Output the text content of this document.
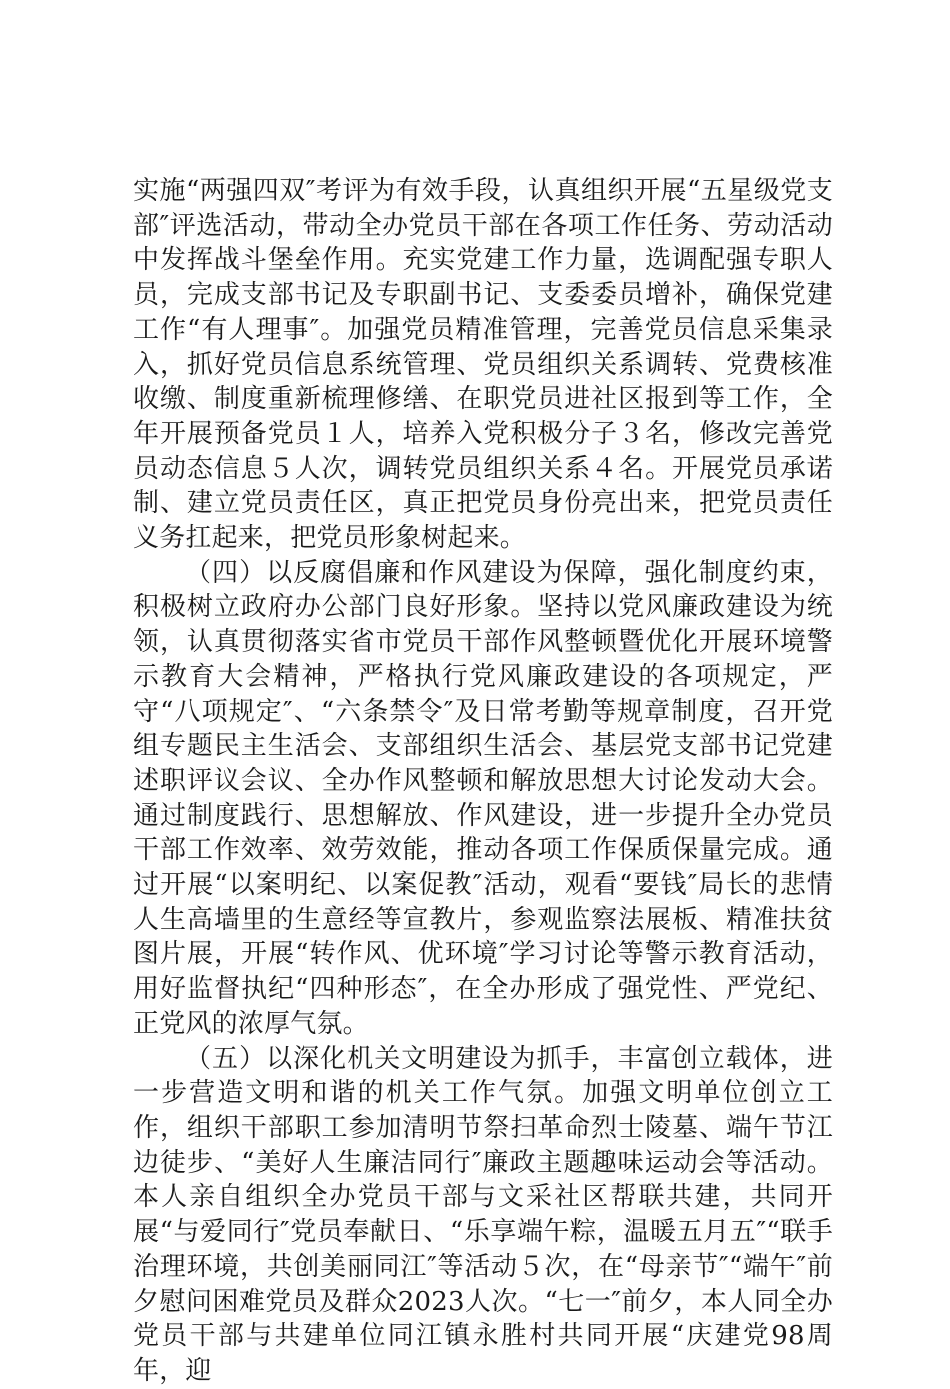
实施“两强四双″考评为有效手段，认真组织开展“五星级党支部″评选活动，带动全办党员干部在各项工作任务、劳动活动中发挥战斗堡垒作用。充实党建工作力量，选调配强专职人员，完成支部书记及专职副书记、支委委员增补，确保党建工作“有人理事″。加强党员精准管理，完善党员信息采集录入，抓好党员信息系统管理、党员组织关系调转、党费核准收缴、制度重新梳理修缮、在职党员进社区报到等工作，全年开展预备党员１人，培养入党积极分子３名，修改完善党员动态信息５人次，调转党员组织关系４名。开展党员承诺制、建立党员责任区，真正把党员身份亮出来，把党员责任义务扛起来，把党员形象树起来。

（四）以反腐倡廉和作风建设为保障，强化制度约束，积极树立政府办公部门良好形象。坚持以党风廉政建设为统领，认真贯彻落实省市党员干部作风整顿暨优化开展环境警示教育大会精神，严格执行党风廉政建设的各项规定，严守“八项规定″、“六条禁令″及日常考勤等规章制度，召开党组专题民主生活会、支部组织生活会、基层党支部书记党建述职评议会议、全办作风整顿和解放思想大讨论发动大会。通过制度践行、思想解放、作风建设，进一步提升全办党员干部工作效率、效劳效能，推动各项工作保质保量完成。通过开展“以案明纪、以案促教″活动，观看“要钱″局长的悲情人生高墙里的生意经等宣教片，参观监察法展板、精准扶贫图片展，开展“转作风、优环境″学习讨论等警示教育活动，用好监督执纪“四种形态″，在全办形成了强党性、严党纪、正党风的浓厚气氛。

（五）以深化机关文明建设为抓手，丰富创立载体，进一步营造文明和谐的机关工作气氛。加强文明单位创立工作，组织干部职工参加清明节祭扫革命烈士陵墓、端午节江边徒步、“美好人生廉洁同行″廉政主题趣味运动会等活动。本人亲自组织全办党员干部与文采社区帮联共建，共同开展“与爱同行″党员奉献日、“乐享端午粽，温暖五月五″“联手治理环境，共创美丽同江″等活动５次，在“母亲节″“端午″前夕慰问困难党员及群众2023人次。“七一″前夕，本人同全办党员干部与共建单位同江镇永胜村共同开展“庆建党98周年，迎
